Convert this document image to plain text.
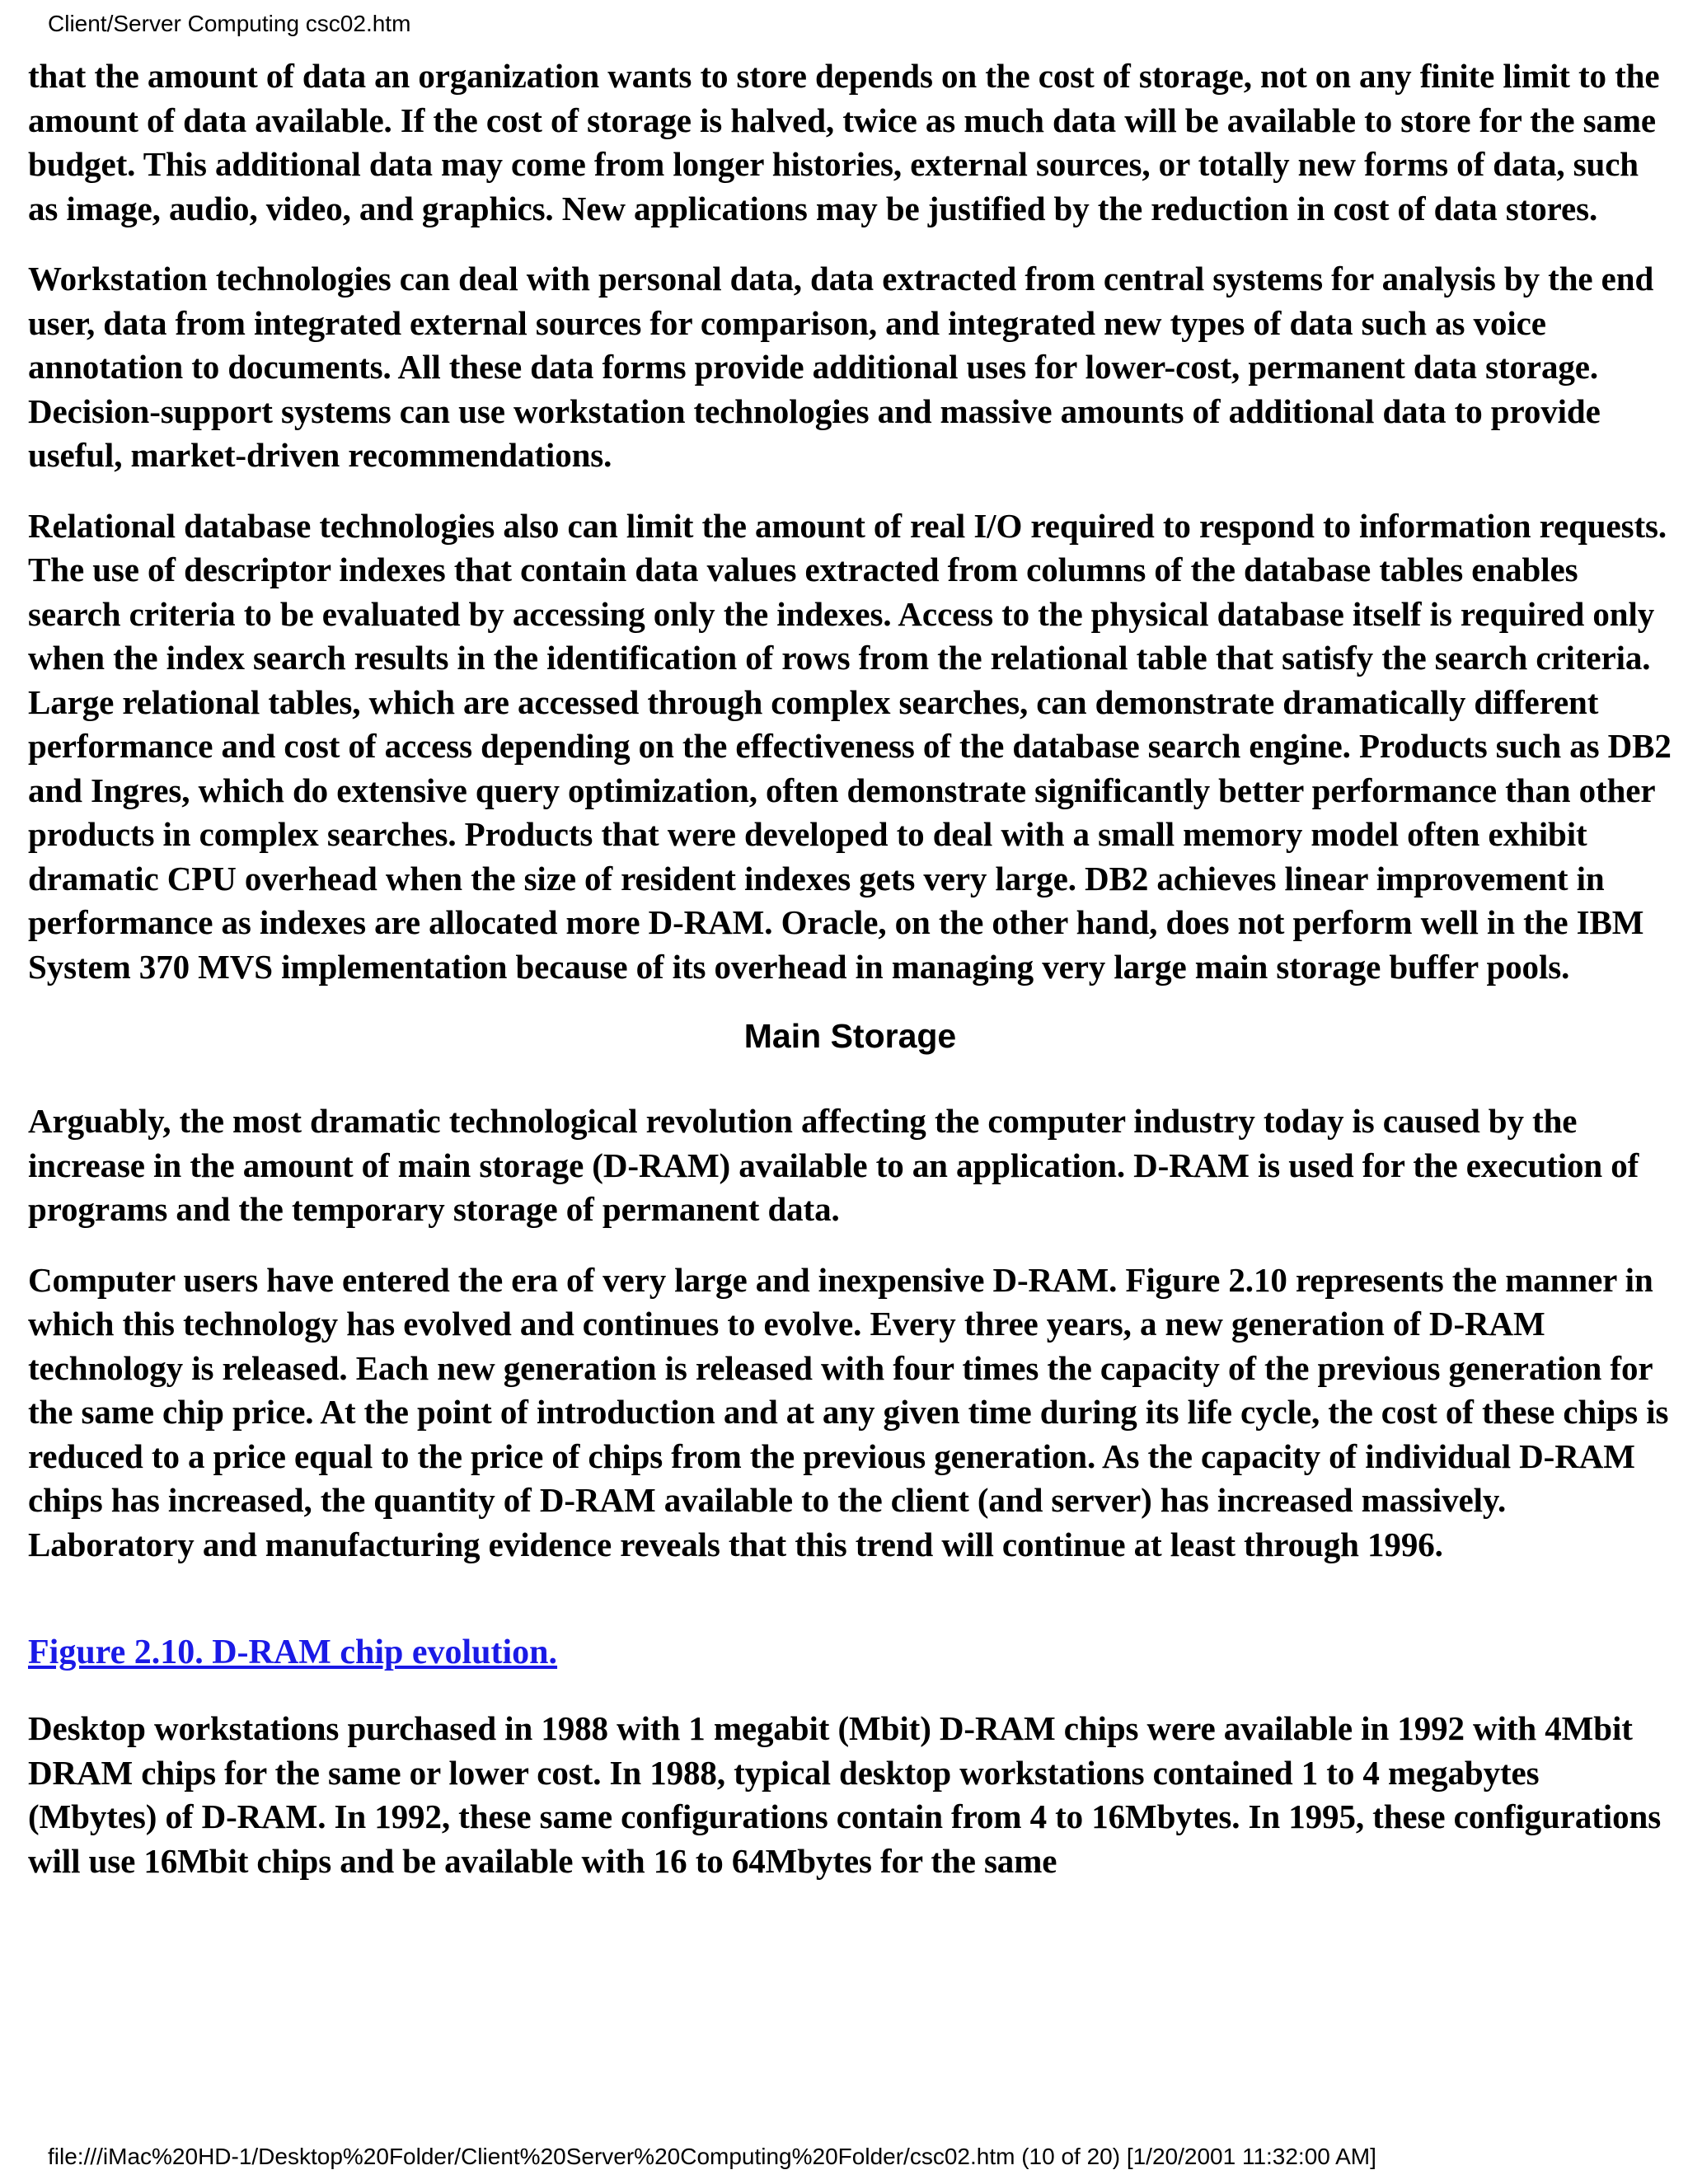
Client/Server Computing csc02.htm

that the amount of data an organization wants to store depends on the cost of storage, not on any finite limit to the amount of data available. If the cost of storage is halved, twice as much data will be available to store for the same budget. This additional data may come from longer histories, external sources, or totally new forms of data, such as image, audio, video, and graphics. New applications may be justified by the reduction in cost of data stores.

Workstation technologies can deal with personal data, data extracted from central systems for analysis by the end user, data from integrated external sources for comparison, and integrated new types of data such as voice annotation to documents. All these data forms provide additional uses for lower-cost, permanent data storage. Decision-support systems can use workstation technologies and massive amounts of additional data to provide useful, market-driven recommendations.

Relational database technologies also can limit the amount of real I/O required to respond to information requests. The use of descriptor indexes that contain data values extracted from columns of the database tables enables search criteria to be evaluated by accessing only the indexes. Access to the physical database itself is required only when the index search results in the identification of rows from the relational table that satisfy the search criteria. Large relational tables, which are accessed through complex searches, can demonstrate dramatically different performance and cost of access depending on the effectiveness of the database search engine. Products such as DB2 and Ingres, which do extensive query optimization, often demonstrate significantly better performance than other products in complex searches. Products that were developed to deal with a small memory model often exhibit dramatic CPU overhead when the size of resident indexes gets very large. DB2 achieves linear improvement in performance as indexes are allocated more D-RAM. Oracle, on the other hand, does not perform well in the IBM System 370 MVS implementation because of its overhead in managing very large main storage buffer pools.

Main Storage

Arguably, the most dramatic technological revolution affecting the computer industry today is caused by the increase in the amount of main storage (D-RAM) available to an application. D-RAM is used for the execution of programs and the temporary storage of permanent data.

Computer users have entered the era of very large and inexpensive D-RAM. Figure 2.10 represents the manner in which this technology has evolved and continues to evolve. Every three years, a new generation of D-RAM technology is released. Each new generation is released with four times the capacity of the previous generation for the same chip price. At the point of introduction and at any given time during its life cycle, the cost of these chips is reduced to a price equal to the price of chips from the previous generation. As the capacity of individual D-RAM chips has increased, the quantity of D-RAM available to the client (and server) has increased massively. Laboratory and manufacturing evidence reveals that this trend will continue at least through 1996.

Figure 2.10. D-RAM chip evolution.

Desktop workstations purchased in 1988 with 1 megabit (Mbit) D-RAM chips were available in 1992 with 4Mbit DRAM chips for the same or lower cost. In 1988, typical desktop workstations contained 1 to 4 megabytes (Mbytes) of D-RAM. In 1992, these same configurations contain from 4 to 16Mbytes. In 1995, these configurations will use 16Mbit chips and be available with 16 to 64Mbytes for the same

file:///iMac%20HD-1/Desktop%20Folder/Client%20Server%20Computing%20Folder/csc02.htm (10 of 20) [1/20/2001 11:32:00 AM]
